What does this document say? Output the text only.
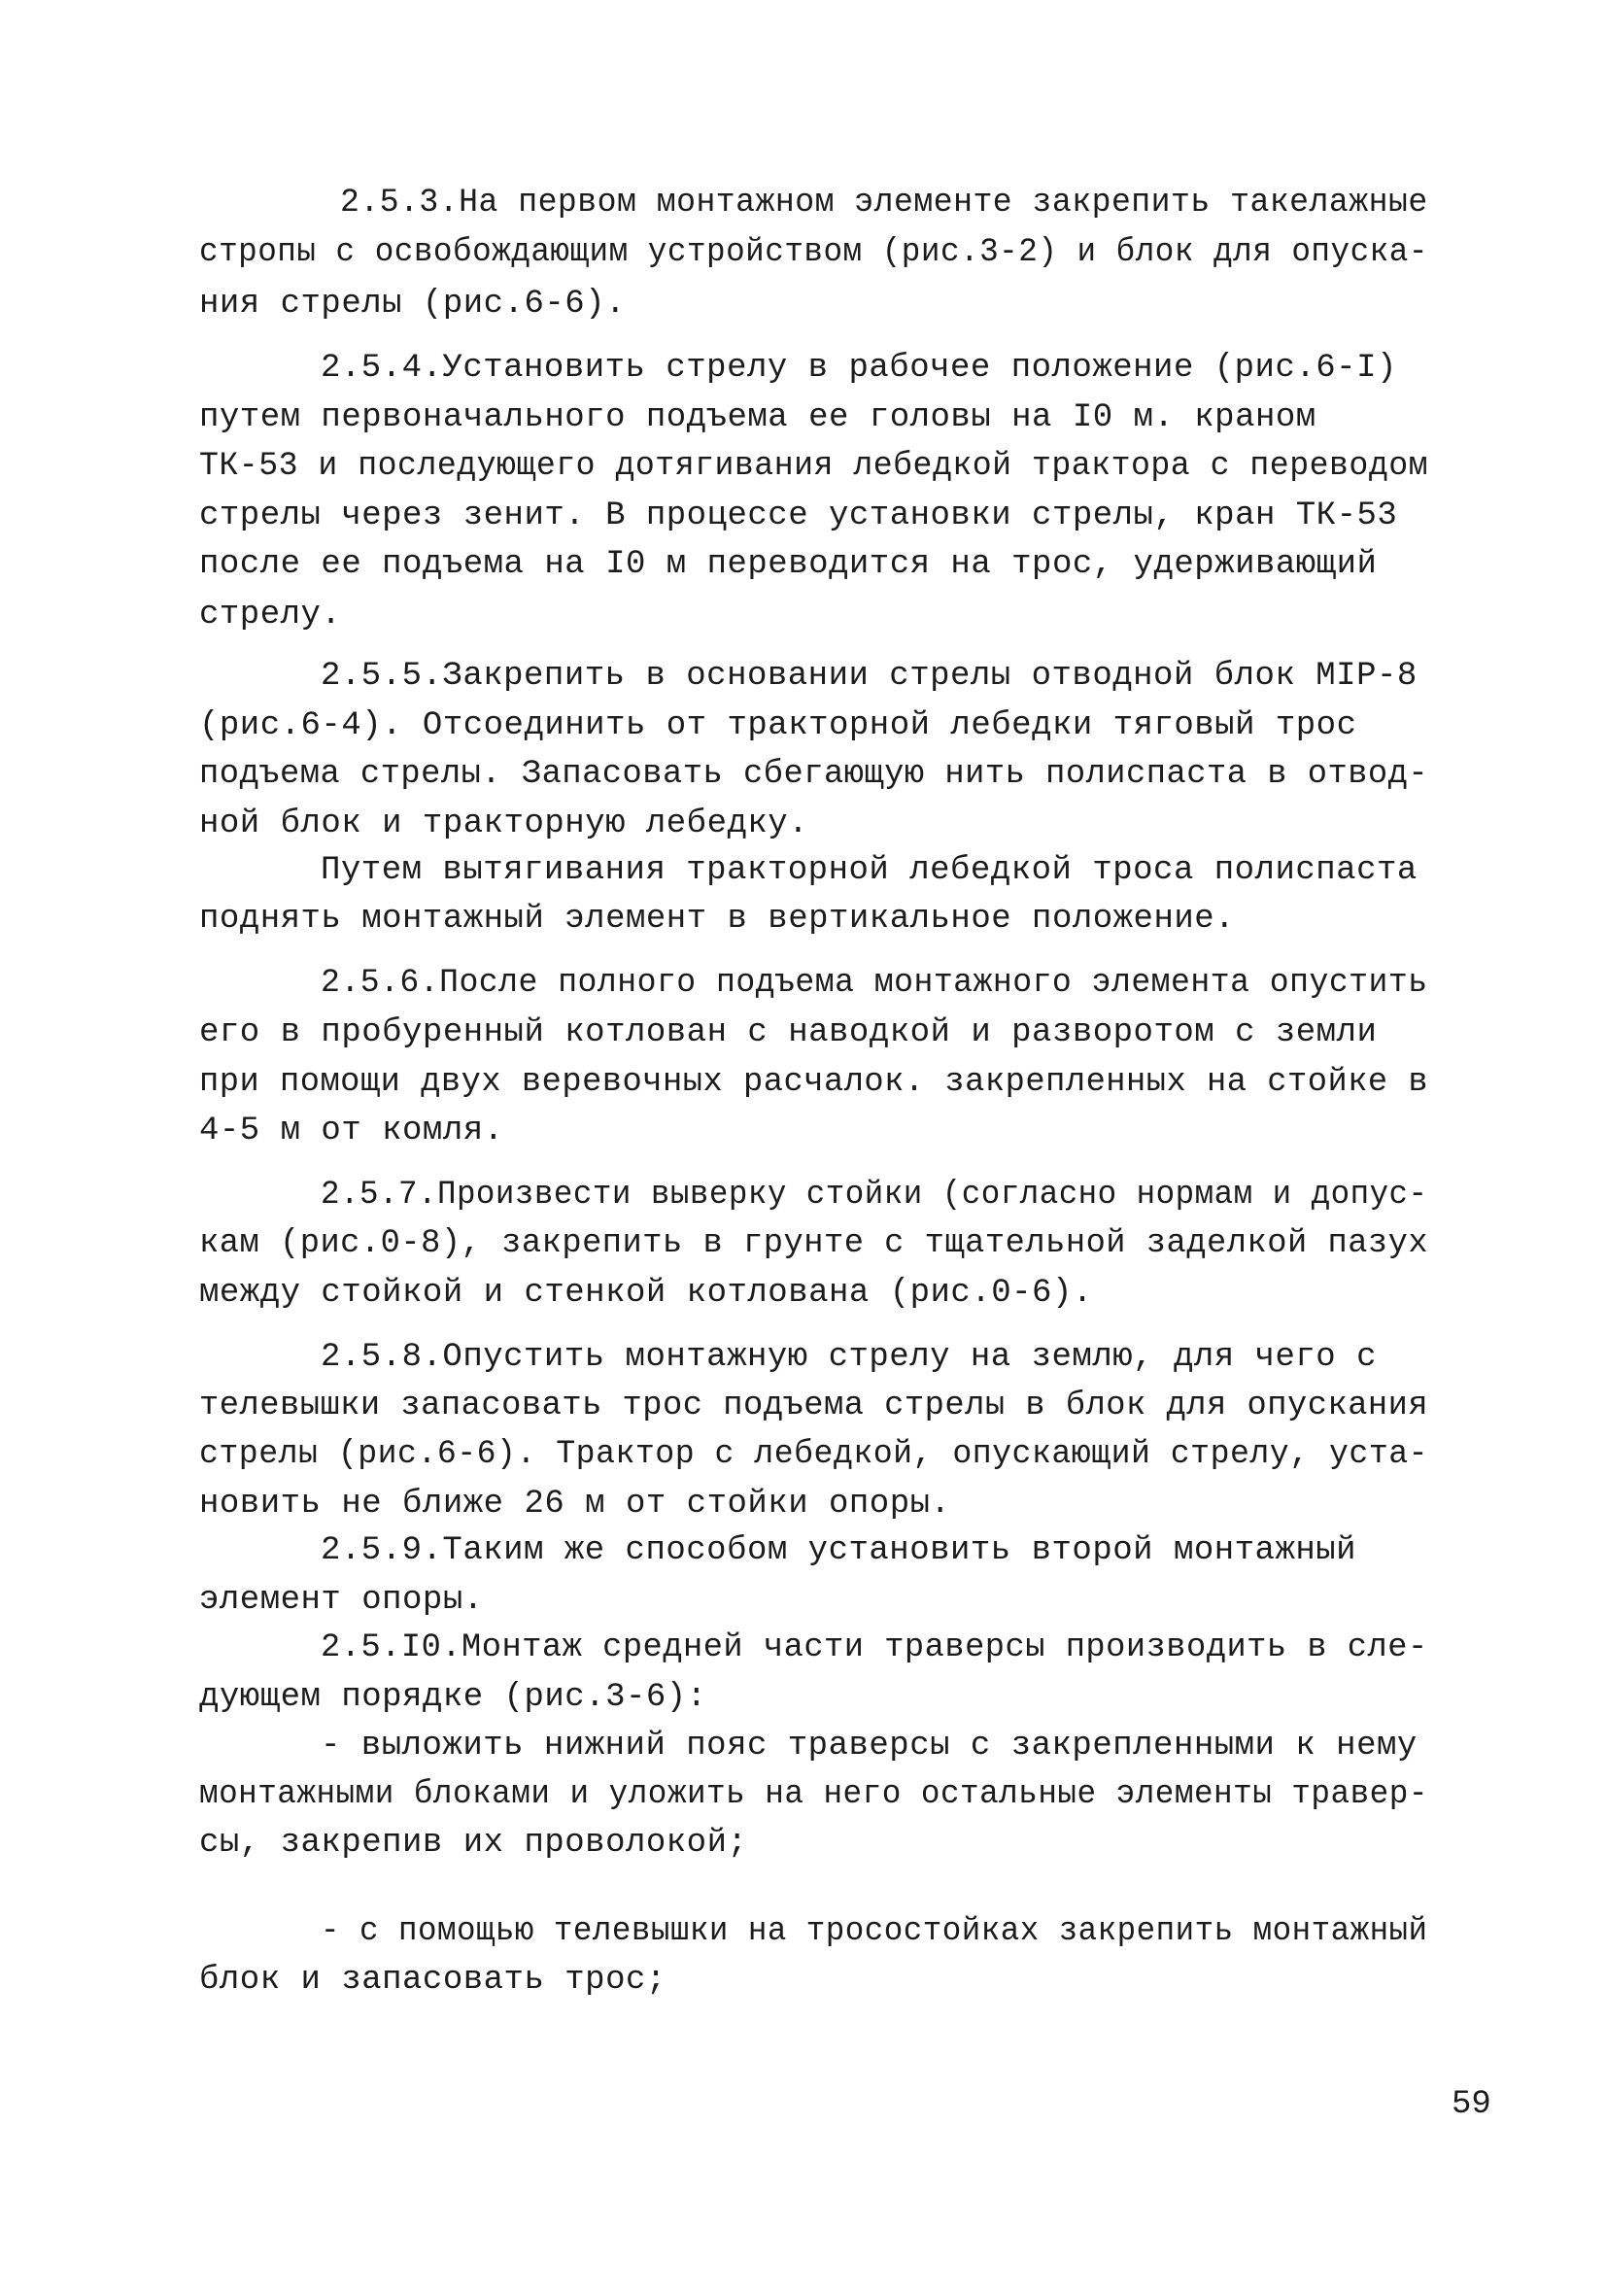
2.5.3.На первом монтажном элементе закрепить такелажные
стропы с освобождающим устройством (рис.3-2) и блок для опуска-
ния стрелы (рис.6-6).
2.5.4.Установить стрелу в рабочее положение (рис.6-I)
путем первоначального подъема ее головы на I0 м. краном
ТК-53 и последующего дотягивания лебедкой трактора с переводом
стрелы через зенит. В процессе установки стрелы, кран ТК-53
после ее подъема на I0 м переводится на трос, удерживающий
стрелу.
2.5.5.Закрепить в основании стрелы отводной блок МIР-8
(рис.6-4). Отсоединить от тракторной лебедки тяговый трос
подъема стрелы. Запасовать сбегающую нить полиспаста в отвод-
ной блок и тракторную лебедку.
Путем вытягивания тракторной лебедкой троса полиспаста
поднять монтажный элемент в вертикальное положение.
2.5.6.После полного подъема монтажного элемента опустить
его в пробуренный котлован с наводкой и разворотом с земли
при помощи двух веревочных расчалок. закрепленных на стойке в
4-5 м от комля.
2.5.7.Произвести выверку стойки (согласно нормам и допус-
кам (рис.0-8), закрепить в грунте с тщательной заделкой пазух
между стойкой и стенкой котлована (рис.0-6).
2.5.8.Опустить монтажную стрелу на землю, для чего с
телевышки запасовать трос подъема стрелы в блок для опускания
стрелы (рис.6-6). Трактор с лебедкой, опускающий стрелу, уста-
новить не ближе 26 м от стойки опоры.
2.5.9.Таким же способом установить второй монтажный
элемент опоры.
2.5.I0.Монтаж средней части траверсы производить в сле-
дующем порядке (рис.3-6):
- выложить нижний пояс траверсы с закрепленными к нему
монтажными блоками и уложить на него остальные элементы травер-
сы, закрепив их проволокой;
- с помощью телевышки на тросостойках закрепить монтажный
блок и запасовать трос;
59
